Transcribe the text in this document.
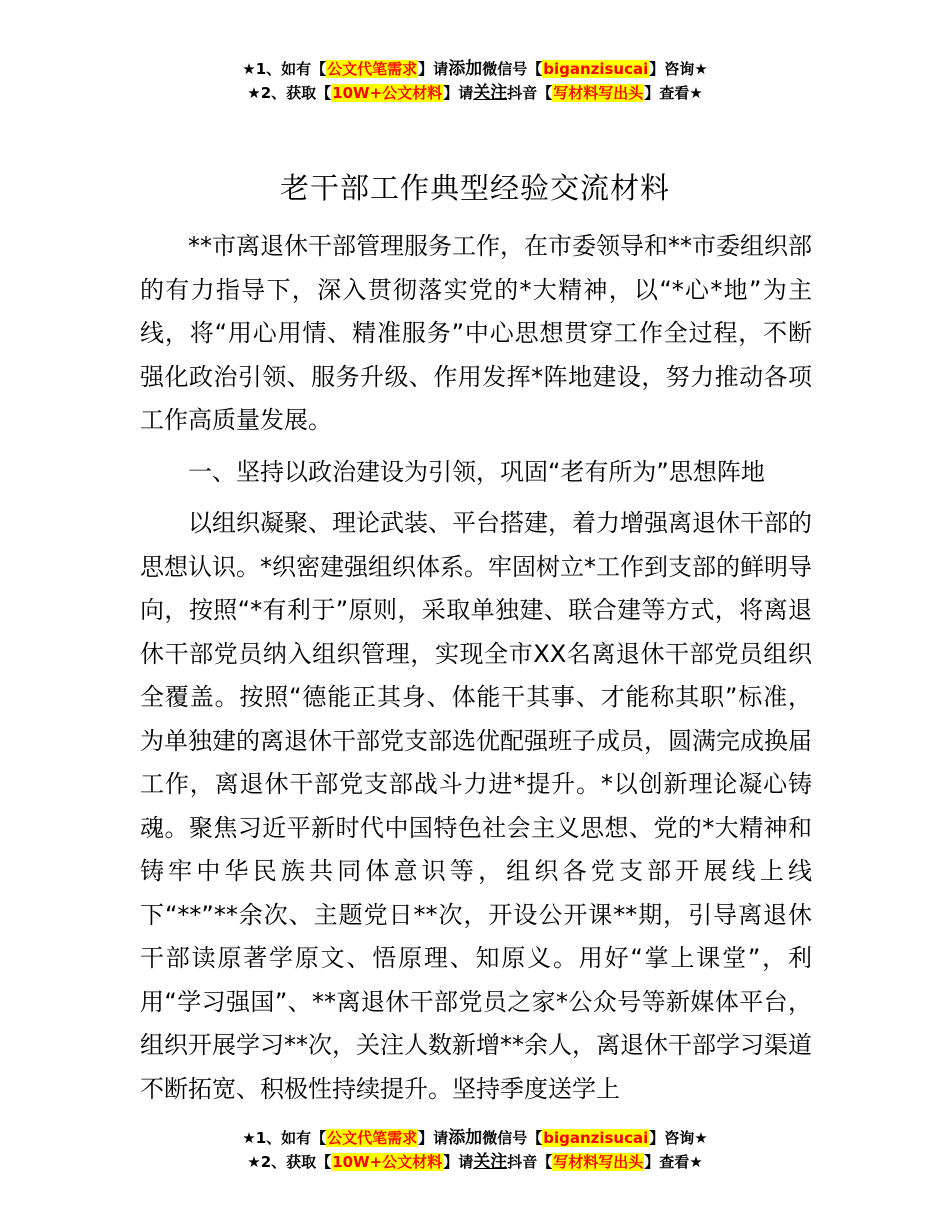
★1、如有【公文代笔需求】请添加微信号【biganzisucai】咨询★
★2、获取【10W+公文材料】请关注抖音【写材料写出头】查看★
老干部工作典型经验交流材料

**市离退休干部管理服务工作，在市委领导和**市委组织部的有力指导下，深入贯彻落实党的*大精神，以“*心*地”为主线，将“用心用情、精准服务”中心思想贯穿工作全过程，不断强化政治引领、服务升级、作用发挥*阵地建设，努力推动各项工作高质量发展。

一、坚持以政治建设为引领，巩固“老有所为”思想阵地

以组织凝聚、理论武装、平台搭建，着力增强离退休干部的思想认识。*织密建强组织体系。牢固树立*工作到支部的鲜明导向，按照“*有利于”原则，采取单独建、联合建等方式，将离退休干部党员纳入组织管理，实现全市XX名离退休干部党员组织全覆盖。按照“德能正其身、体能干其事、才能称其职”标准，为单独建的离退休干部党支部选优配强班子成员，圆满完成换届工作，离退休干部党支部战斗力进*提升。*以创新理论凝心铸魂。聚焦习近平新时代中国特色社会主义思想、党的*大精神和铸牢中华民族共同体意识等，组织各党支部开展线上线下“**”**余次、主题党日**次，开设公开课**期，引导离退休干部读原著学原文、悟原理、知原义。用好“掌上课堂”，利用“学习强国”、**离退休干部党员之家*公众号等新媒体平台，组织开展学习**次，关注人数新增**余人，离退休干部学习渠道不断拓宽、积极性持续提升。坚持季度送学上

★1、如有【公文代笔需求】请添加微信号【biganzisucai】咨询★
★2、获取【10W+公文材料】请关注抖音【写材料写出头】查看★
